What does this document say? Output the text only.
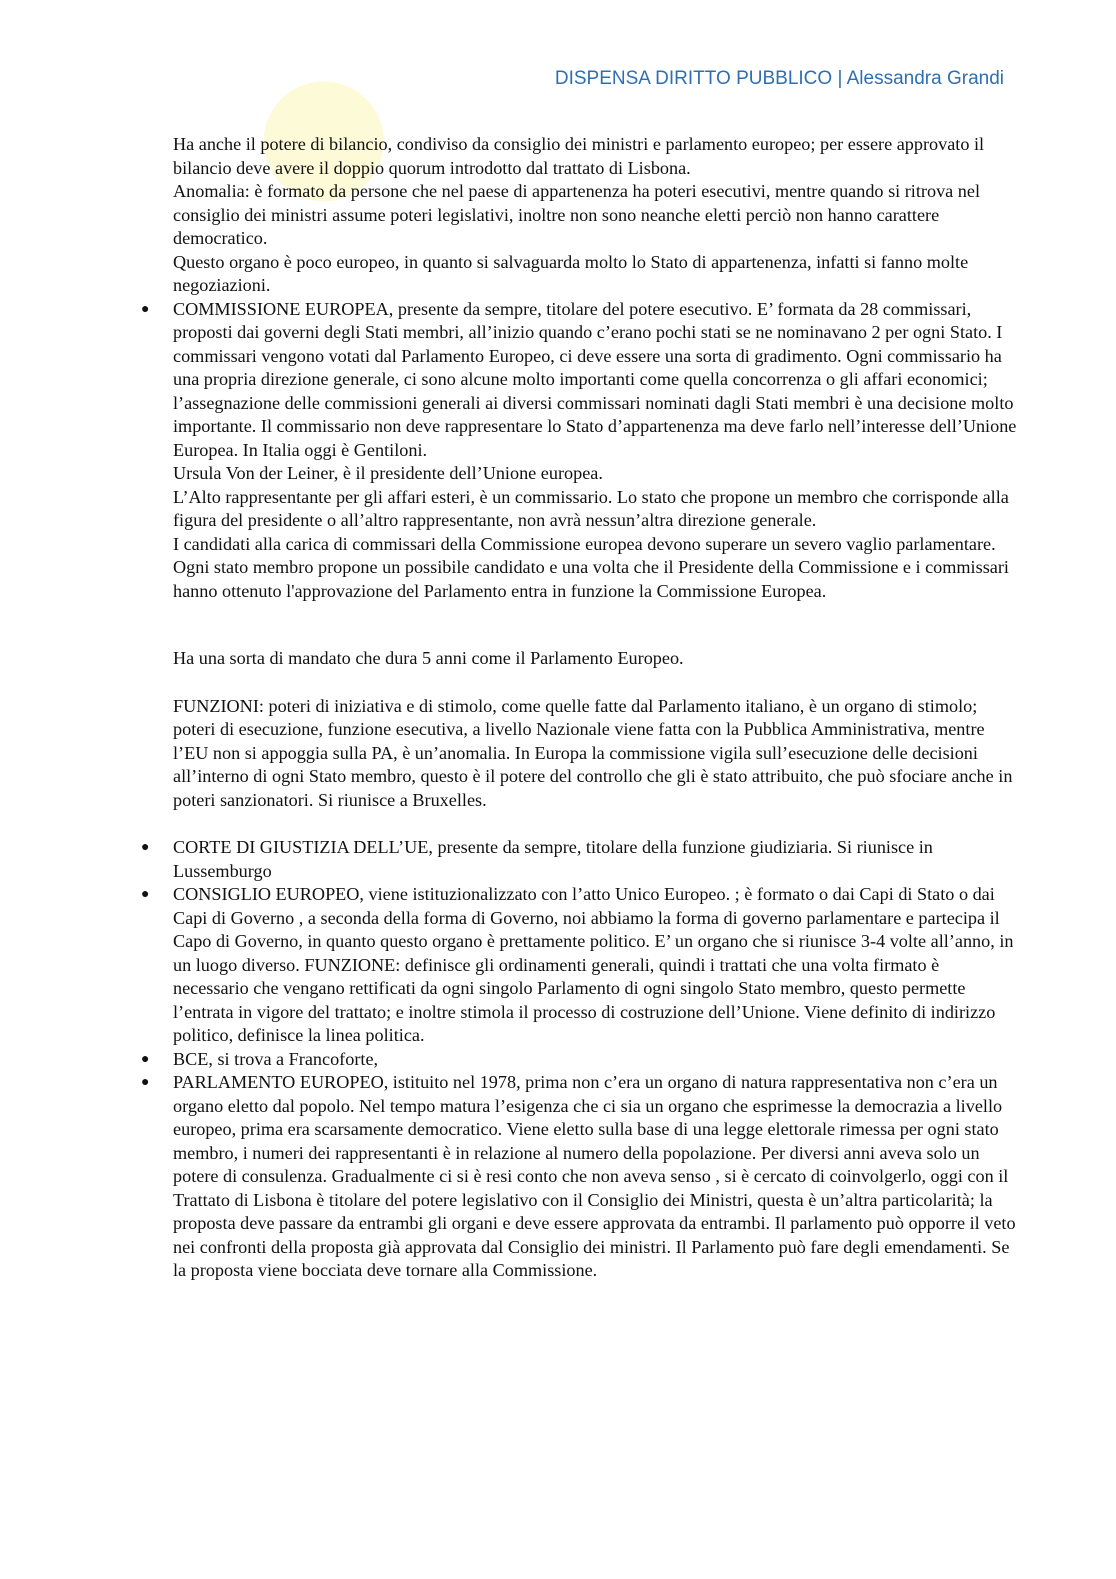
DISPENSA DIRITTO PUBBLICO | Alessandra Grandi

Ha anche il potere di bilancio, condiviso da consiglio dei ministri e parlamento europeo; per essere approvato il bilancio deve avere il doppio quorum introdotto dal trattato di Lisbona.

Anomalia: è formato da persone che nel paese di appartenenza ha poteri esecutivi, mentre quando si ritrova nel consiglio dei ministri assume poteri legislativi, inoltre non sono neanche eletti perciò non hanno carattere democratico.

Questo organo è poco europeo, in quanto si salvaguarda molto lo Stato di appartenenza, infatti si fanno molte negoziazioni.

● COMMISSIONE EUROPEA, presente da sempre, titolare del potere esecutivo. E’ formata da 28 commissari, proposti dai governi degli Stati membri, all’inizio quando c’erano pochi stati se ne nominavano 2 per ogni Stato. I commissari vengono votati dal Parlamento Europeo, ci deve essere una sorta di gradimento. Ogni commissario ha una propria direzione generale, ci sono alcune molto importanti come quella concorrenza o gli affari economici; l’assegnazione delle commissioni generali ai diversi commissari nominati dagli Stati membri è una decisione molto importante. Il commissario non deve rappresentare lo Stato d’appartenenza ma deve farlo nell’interesse dell’Unione Europea. In Italia oggi è Gentiloni.

Ursula Von der Leiner, è il presidente dell’Unione europea.

L’Alto rappresentante per gli affari esteri, è un commissario. Lo stato che propone un membro che corrisponde alla figura del presidente o all’altro rappresentante, non avrà nessun’altra direzione generale.

I candidati alla carica di commissari della Commissione europea devono superare un severo vaglio parlamentare. Ogni stato membro propone un possibile candidato e una volta che il Presidente della Commissione e i commissari hanno ottenuto l'approvazione del Parlamento entra in funzione la Commissione Europea.

Ha una sorta di mandato che dura 5 anni come il Parlamento Europeo.

FUNZIONI: poteri di iniziativa e di stimolo, come quelle fatte dal Parlamento italiano, è un organo di stimolo; poteri di esecuzione, funzione esecutiva, a livello Nazionale viene fatta con la Pubblica Amministrativa, mentre l’EU non si appoggia sulla PA, è un’anomalia. In Europa la commissione vigila sull’esecuzione delle decisioni all’interno di ogni Stato membro, questo è il potere del controllo che gli è stato attribuito, che può sfociare anche in poteri sanzionatori. Si riunisce a Bruxelles.

● CORTE DI GIUSTIZIA DELL’UE, presente da sempre, titolare della funzione giudiziaria. Si riunisce in Lussemburgo

● CONSIGLIO EUROPEO, viene istituzionalizzato con l’atto Unico Europeo. ; è formato o dai Capi di Stato o dai Capi di Governo , a seconda della forma di Governo, noi abbiamo la forma di governo parlamentare e partecipa il Capo di Governo, in quanto questo organo è prettamente politico. E’ un organo che si riunisce 3-4 volte all’anno, in un luogo diverso. FUNZIONE: definisce gli ordinamenti generali, quindi i trattati che una volta firmato è necessario che vengano rettificati da ogni singolo Parlamento di ogni singolo Stato membro, questo permette l’entrata in vigore del trattato; e inoltre stimola il processo di costruzione dell’Unione. Viene definito di indirizzo politico, definisce la linea politica.

● BCE, si trova a Francoforte,

● PARLAMENTO EUROPEO, istituito nel 1978, prima non c’era un organo di natura rappresentativa non c’era un organo eletto dal popolo. Nel tempo matura l’esigenza che ci sia un organo che esprimesse la democrazia a livello europeo, prima era scarsamente democratico. Viene eletto sulla base di una legge elettorale rimessa per ogni stato membro, i numeri dei rappresentanti è in relazione al numero della popolazione. Per diversi anni aveva solo un potere di consulenza. Gradualmente ci si è resi conto che non aveva senso , si è cercato di coinvolgerlo, oggi con il Trattato di Lisbona è titolare del potere legislativo con il Consiglio dei Ministri, questa è un’altra particolarità; la proposta deve passare da entrambi gli organi e deve essere approvata da entrambi. Il parlamento può opporre il veto nei confronti della proposta già approvata dal Consiglio dei ministri. Il Parlamento può fare degli emendamenti. Se la proposta viene bocciata deve tornare alla Commissione.
